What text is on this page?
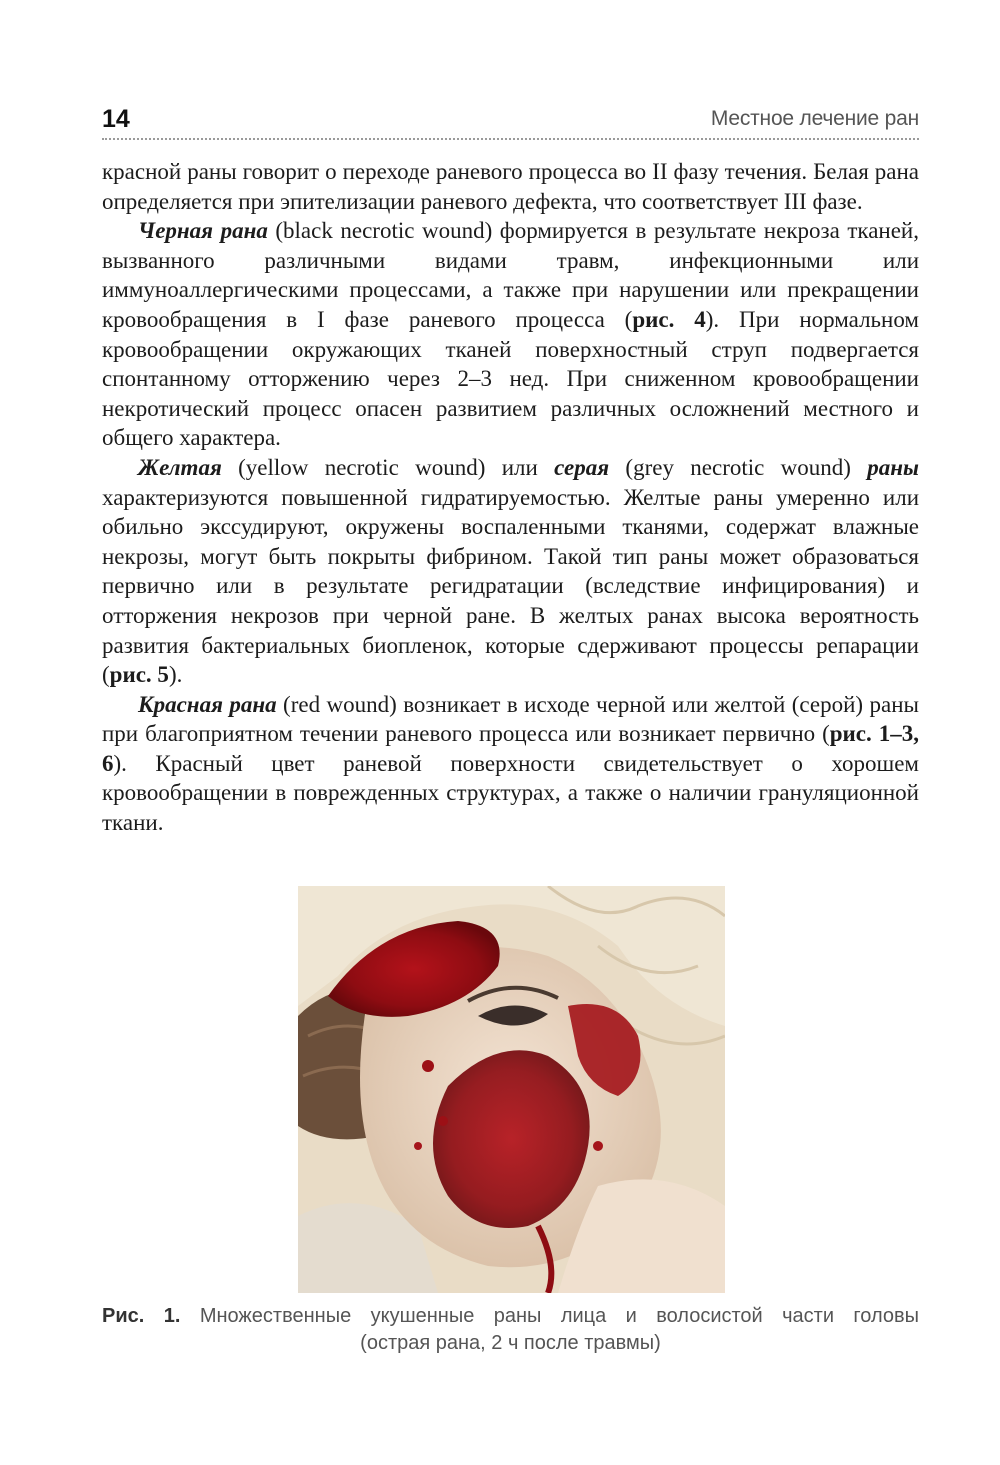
14	Местное лечение ран

красной раны говорит о переходе раневого процесса во II фазу течения. Белая рана определяется при эпителизации раневого дефекта, что соответствует III фазе.

Черная рана (black necrotic wound) формируется в результате некроза тканей, вызванного различными видами травм, инфекционными или иммуноаллергическими процессами, а также при нарушении или прекращении кровообращения в I фазе раневого процесса (рис. 4). При нормальном кровообращении окружающих тканей поверхностный струп подвергается спонтанному отторжению через 2–3 нед. При сниженном кровообращении некротический процесс опасен развитием различных осложнений местного и общего характера.

Желтая (yellow necrotic wound) или серая (grey necrotic wound) раны характеризуются повышенной гидратируемостью. Желтые раны умеренно или обильно экссудируют, окружены воспаленными тканями, содержат влажные некрозы, могут быть покрыты фибрином. Такой тип раны может образоваться первично или в результате регидратации (вследствие инфицирования) и отторжения некрозов при черной ране. В желтых ранах высока вероятность развития бактериальных биопленок, которые сдерживают процессы репарации (рис. 5).

Красная рана (red wound) возникает в исходе черной или желтой (серой) раны при благоприятном течении раневого процесса или возникает первично (рис. 1–3, 6). Красный цвет раневой поверхности свидетельствует о хорошем кровообращении в поврежденных структурах, а также о наличии грануляционной ткани.

Рис. 1. Множественные укушенные раны лица и волосистой части головы
(острая рана, 2 ч после травмы)
